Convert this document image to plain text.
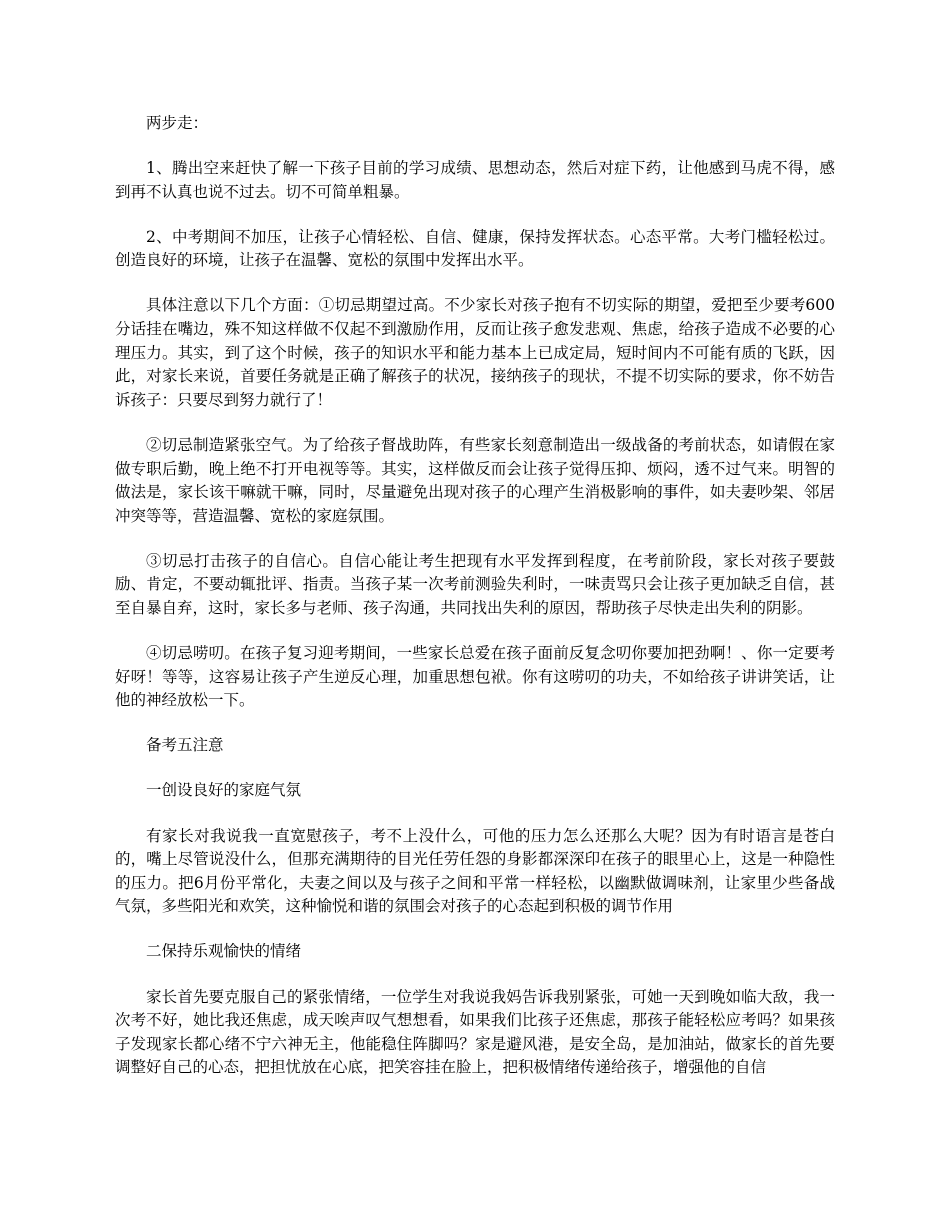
两步走：

1、腾出空来赶快了解一下孩子目前的学习成绩、思想动态，然后对症下药，让他感到马虎不得，感到再不认真也说不过去。切不可简单粗暴。

2、中考期间不加压，让孩子心情轻松、自信、健康，保持发挥状态。心态平常。大考门槛轻松过。创造良好的环境，让孩子在温馨、宽松的氛围中发挥出水平。

具体注意以下几个方面：①切忌期望过高。不少家长对孩子抱有不切实际的期望，爱把至少要考600分话挂在嘴边，殊不知这样做不仅起不到激励作用，反而让孩子愈发悲观、焦虑，给孩子造成不必要的心理压力。其实，到了这个时候，孩子的知识水平和能力基本上已成定局，短时间内不可能有质的飞跃，因此，对家长来说，首要任务就是正确了解孩子的状况，接纳孩子的现状，不提不切实际的要求，你不妨告诉孩子：只要尽到努力就行了！

②切忌制造紧张空气。为了给孩子督战助阵，有些家长刻意制造出一级战备的考前状态，如请假在家做专职后勤，晚上绝不打开电视等等。其实，这样做反而会让孩子觉得压抑、烦闷，透不过气来。明智的做法是，家长该干嘛就干嘛，同时，尽量避免出现对孩子的心理产生消极影响的事件，如夫妻吵架、邻居冲突等等，营造温馨、宽松的家庭氛围。

③切忌打击孩子的自信心。自信心能让考生把现有水平发挥到程度，在考前阶段，家长对孩子要鼓励、肯定，不要动辄批评、指责。当孩子某一次考前测验失利时，一味责骂只会让孩子更加缺乏自信，甚至自暴自弃，这时，家长多与老师、孩子沟通，共同找出失利的原因，帮助孩子尽快走出失利的阴影。

④切忌唠叨。在孩子复习迎考期间，一些家长总爱在孩子面前反复念叨你要加把劲啊！、你一定要考好呀！等等，这容易让孩子产生逆反心理，加重思想包袱。你有这唠叨的功夫，不如给孩子讲讲笑话，让他的神经放松一下。

备考五注意

一创设良好的家庭气氛

有家长对我说我一直宽慰孩子，考不上没什么，可他的压力怎么还那么大呢？因为有时语言是苍白的，嘴上尽管说没什么，但那充满期待的目光任劳任怨的身影都深深印在孩子的眼里心上，这是一种隐性的压力。把6月份平常化，夫妻之间以及与孩子之间和平常一样轻松，以幽默做调味剂，让家里少些备战气氛，多些阳光和欢笑，这种愉悦和谐的氛围会对孩子的心态起到积极的调节作用

二保持乐观愉快的情绪

家长首先要克服自己的紧张情绪，一位学生对我说我妈告诉我别紧张，可她一天到晚如临大敌，我一次考不好，她比我还焦虑，成天唉声叹气想想看，如果我们比孩子还焦虑，那孩子能轻松应考吗？如果孩子发现家长都心绪不宁六神无主，他能稳住阵脚吗？家是避风港，是安全岛，是加油站，做家长的首先要调整好自己的心态，把担忧放在心底，把笑容挂在脸上，把积极情绪传递给孩子，增强他的自信
